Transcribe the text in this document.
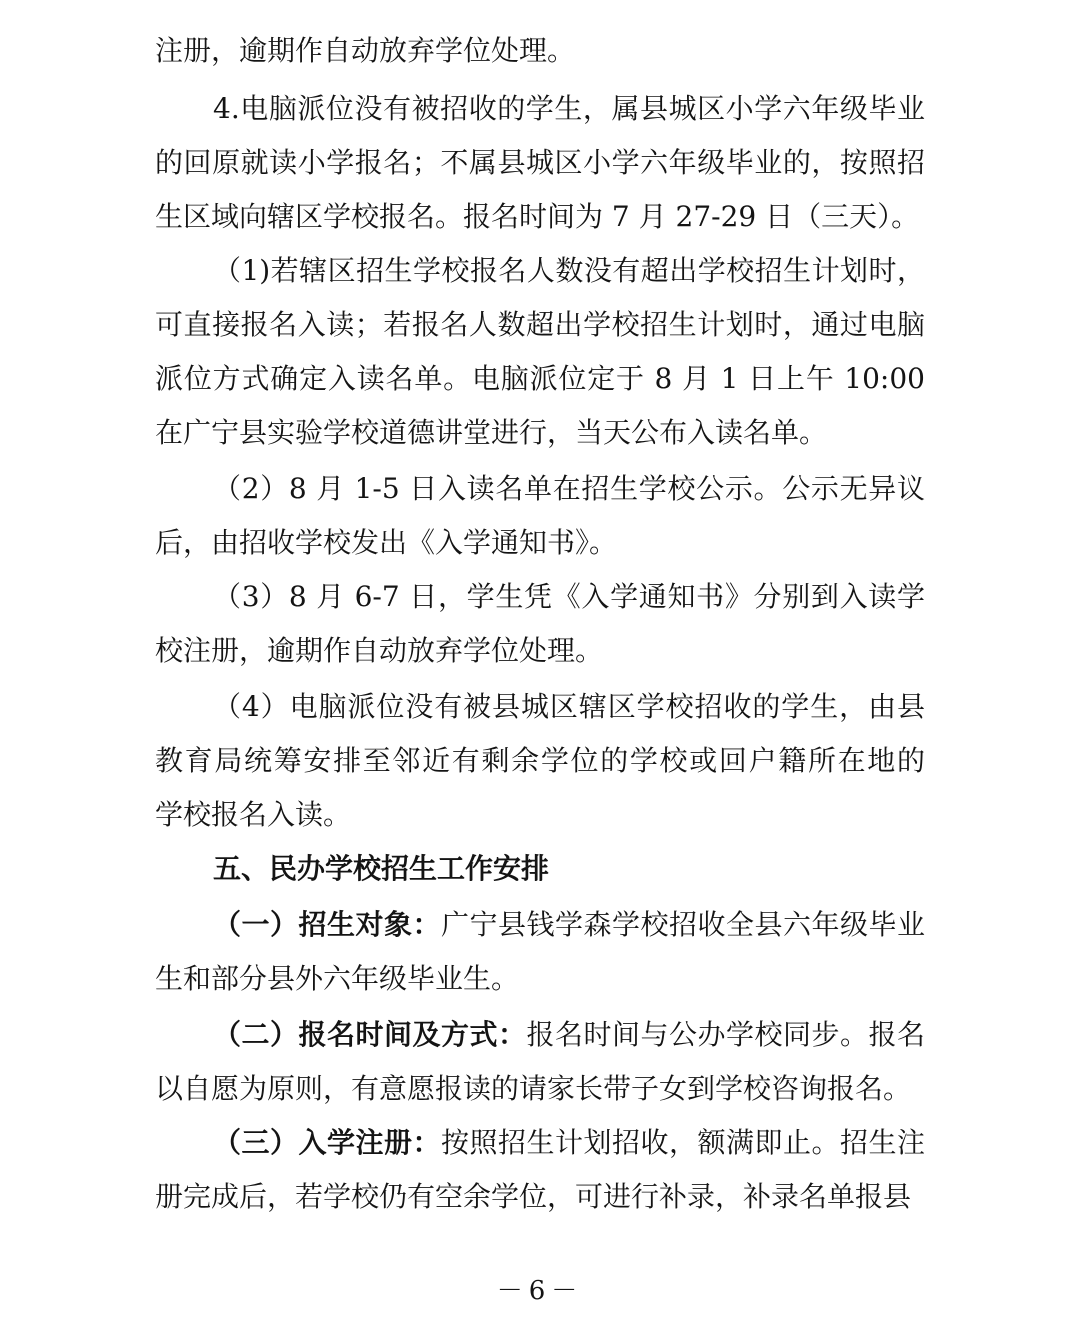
注册，逾期作自动放弃学位处理。

4.电脑派位没有被招收的学生，属县城区小学六年级毕业

的回原就读小学报名；不属县城区小学六年级毕业的，按照招

生区域向辖区学校报名。报名时间为 7 月 27-29 日（三天）。

（1)若辖区招生学校报名人数没有超出学校招生计划时，

可直接报名入读；若报名人数超出学校招生计划时，通过电脑

派位方式确定入读名单。电脑派位定于 8 月 1 日上午 10:00

在广宁县实验学校道德讲堂进行，当天公布入读名单。

（2）8 月 1-5 日入读名单在招生学校公示。公示无异议

后，由招收学校发出《入学通知书》。

（3）8 月 6-7 日，学生凭《入学通知书》分别到入读学

校注册，逾期作自动放弃学位处理。

（4）电脑派位没有被县城区辖区学校招收的学生，由县

教育局统筹安排至邻近有剩余学位的学校或回户籍所在地的

学校报名入读。

五、民办学校招生工作安排

（一）招生对象：广宁县钱学森学校招收全县六年级毕业

生和部分县外六年级毕业生。

（二）报名时间及方式：报名时间与公办学校同步。报名

以自愿为原则，有意愿报读的请家长带子女到学校咨询报名。

（三）入学注册：按照招生计划招收，额满即止。招生注

册完成后，若学校仍有空余学位，可进行补录，补录名单报县

－6－
